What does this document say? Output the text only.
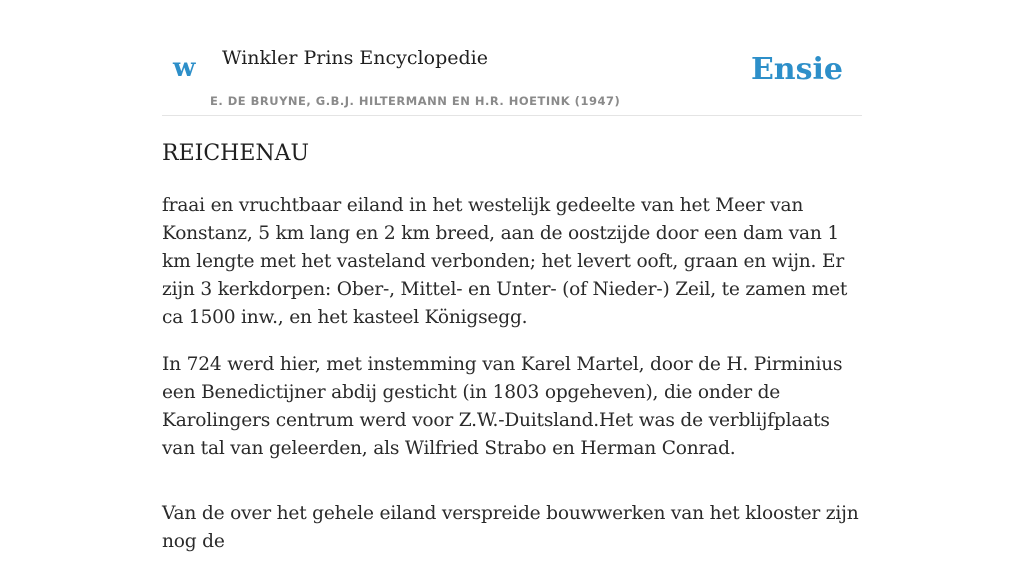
w Winkler Prins Encyclopedie
E. DE BRUYNE, G.B.J. HILTERMANN EN H.R. HOETINK (1947)
Ensie
REICHENAU

fraai en vruchtbaar eiland in het westelijk gedeelte van het Meer van Konstanz, 5 km lang en 2 km breed, aan de oostzijde door een dam van 1 km lengte met het vasteland verbonden; het levert ooft, graan en wijn. Er zijn 3 kerkdorpen: Ober-, Mittel- en Unter- (of Nieder-) Zeil, te zamen met ca 1500 inw., en het kasteel Königsegg.

In 724 werd hier, met instemming van Karel Martel, door de H. Pirminius een Benedictijner abdij gesticht (in 1803 opgeheven), die onder de Karolingers centrum werd voor Z.W.-Duitsland.Het was de verblijfplaats van tal van geleerden, als Wilfried Strabo en Herman Conrad.

Van de over het gehele eiland verspreide bouwwerken van het klooster zijn nog de
